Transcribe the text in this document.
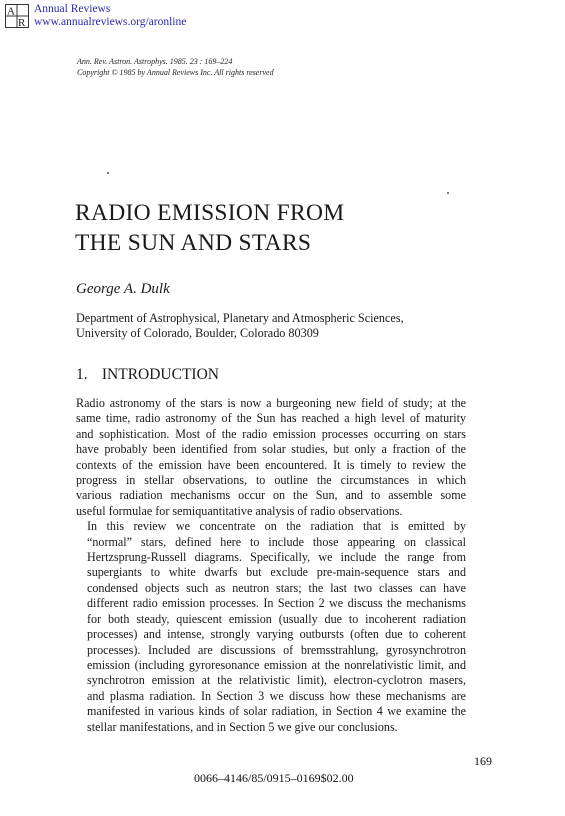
A
R
Annual Reviews
www.annualreviews.org/aronline
Ann. Rev. Astron. Astrophys. 1985. 23 : 169–224
Copyright © 1985 by Annual Reviews Inc. All rights reserved
RADIO EMISSION FROM
THE SUN AND STARS
George A. Dulk
Department of Astrophysical, Planetary and Atmospheric Sciences,
University of Colorado, Boulder, Colorado 80309
1. INTRODUCTION

Radio astronomy of the stars is now a burgeoning new field of study; at the
same time, radio astronomy of the Sun has reached a high level of maturity
and sophistication. Most of the radio emission processes occurring on stars
have probably been identified from solar studies, but only a fraction of the
contexts of the emission have been encountered. It is timely to review the
progress in stellar observations, to outline the circumstances in which
various radiation mechanisms occur on the Sun, and to assemble some
useful formulae for semiquantitative analysis of radio observations.

In this review we concentrate on the radiation that is emitted by
“normal” stars, defined here to include those appearing on classical
Hertzsprung-Russell diagrams. Specifically, we include the range from
supergiants to white dwarfs but exclude pre-main-sequence stars and
condensed objects such as neutron stars; the last two classes can have
different radio emission processes. In Section 2 we discuss the mechanisms
for both steady, quiescent emission (usually due to incoherent radiation
processes) and intense, strongly varying outbursts (often due to coherent
processes). Included are discussions of bremsstrahlung, gyrosynchrotron
emission (including gyroresonance emission at the nonrelativistic limit, and
synchrotron emission at the relativistic limit), electron-cyclotron masers,
and plasma radiation. In Section 3 we discuss how these mechanisms are
manifested in various kinds of solar radiation, in Section 4 we examine the
stellar manifestations, and in Section 5 we give our conclusions.

169
0066–4146/85/0915–0169$02.00
